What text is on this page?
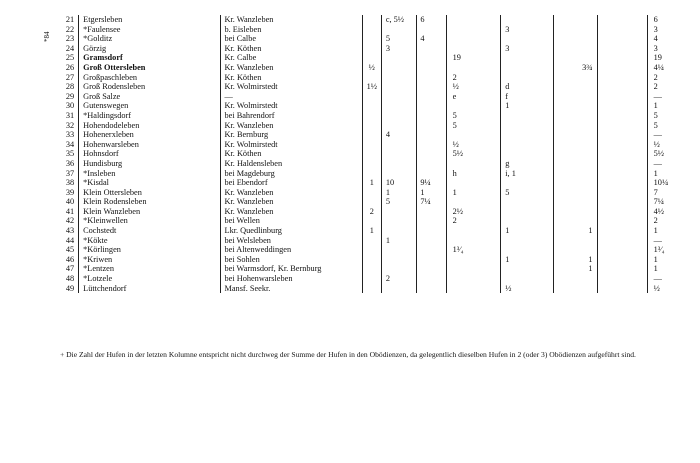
*84
21	Etgersleben	Kr. Wanzleben		c, 5½	6					6
22	*Faulensee	b. Eisleben					3			3
23	*Golditz	bei Calbe		5	4					4
24	Görzig	Kr. Köthen		3			3			3
25	Gramsdorf	Kr. Calbe				19				19
26	Groß Ottersleben	Kr. Wanzleben	½					3¾		4¼
27	Großpaschleben	Kr. Köthen				2				2
28	Groß Rodensleben	Kr. Wolmirstedt	1½			½	d			2
29	Groß Salze	—				e	f			—
30	Gutenswegen	Kr. Wolmirstedt					1			1
31	*Haldingsdorf	bei Bahrendorf				5				5
32	Hohendodeleben	Kr. Wanzleben				5				5
33	Hohenerxleben	Kr. Bernburg		4						—
34	Hohenwarsleben	Kr. Wolmirstedt				½				½
35	Hohnsdorf	Kr. Köthen				5½				5½
36	Hundisburg	Kr. Haldensleben					g			—
37	*Insleben	bei Magdeburg				h	i, 1			1
38	*Kisdal	bei Ebendorf	1	10	9¼					10¼
39	Klein Ottersleben	Kr. Wanzleben		1	1	1	5			7
40	Klein Rodensleben	Kr. Wanzleben		5	7¼					7¼
41	Klein Wanzleben	Kr. Wanzleben	2			2½				4½
42	*Kleinwellen	bei Wellen				2				2
43	Cochstedt	Lkr. Quedlinburg	1				1	1		1
44	*Kökte	bei Welsleben		1						—
45	*Körlingen	bei Altenweddingen				1³⁄₄				1³⁄₄
46	*Kriwen	bei Sohlen					1	1		1
47	*Lentzen	bei Warmsdorf, Kr. Bernburg						1		1
48	*Lotzele	bei Hohenwarsleben		2						—
49	Lüttchendorf	Mansf. Seekr.					½			½
+ Die Zahl der Hufen in der letzten Kolumne entspricht nicht durchweg der Summe der Hufen in den Obödienzen, da gelegentlich dieselben Hufen in 2 (oder 3) Obödienzen aufgeführt sind.
